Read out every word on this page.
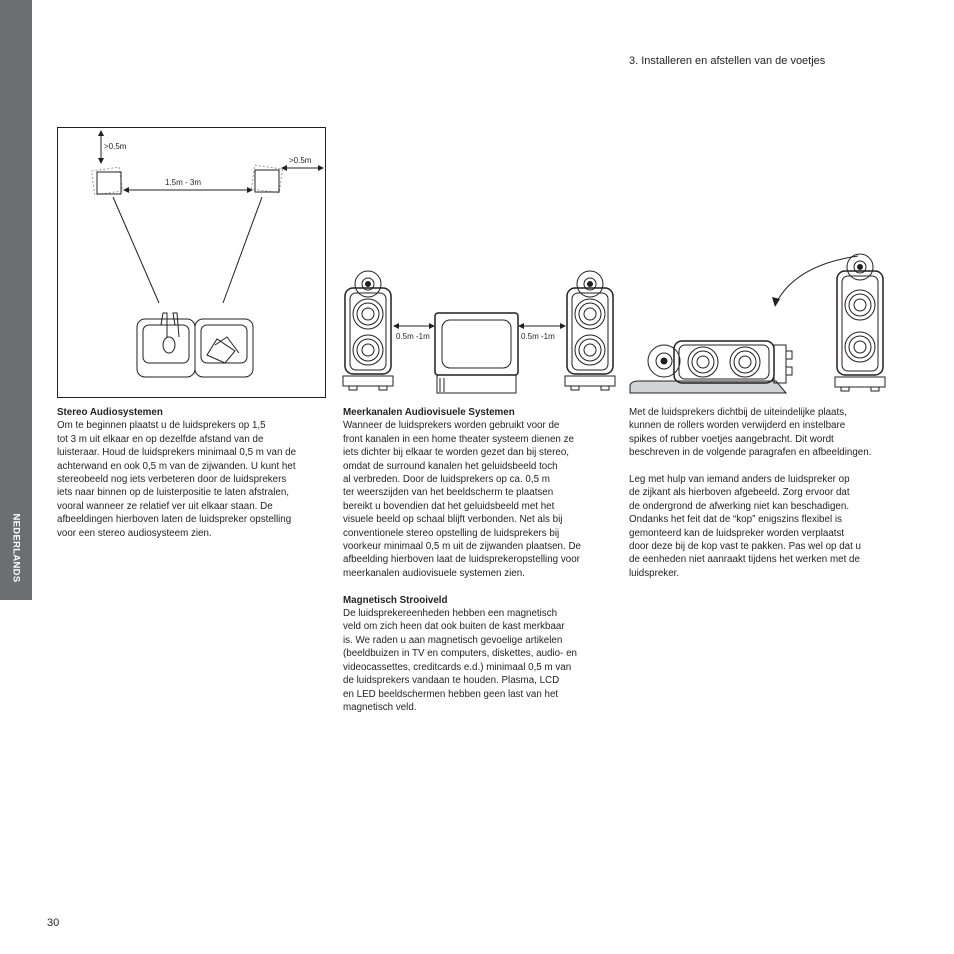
NEDERLANDS
3. Installeren en afstellen van de voetjes
>0.5m
1.5m - 3m
>0.5m
0.5m -1m	0.5m -1m
Stereo Audiosystemen

Om te beginnen plaatst u de luidsprekers op 1,5

tot 3 m uit elkaar en op dezelfde afstand van de

luisteraar. Houd de luidsprekers minimaal 0,5 m van de

achterwand en ook 0,5 m van de zijwanden. U kunt het

stereobeeld nog iets verbeteren door de luidsprekers

iets naar binnen op de luisterpositie te laten afstralen,

vooral wanneer ze relatief ver uit elkaar staan. De

afbeeldingen hierboven laten de luidspreker opstelling

voor een stereo audiosysteem zien.

Meerkanalen Audiovisuele Systemen

Wanneer de luidsprekers worden gebruikt voor de

front kanalen in een home theater systeem dienen ze

iets dichter bij elkaar te worden gezet dan bij stereo,

omdat de surround kanalen het geluidsbeeld toch

al verbreden. Door de luidsprekers op ca. 0,5 m

ter weerszijden van het beeldscherm te plaatsen

bereikt u bovendien dat het geluidsbeeld met het

visuele beeld op schaal blijft verbonden. Net als bij

conventionele stereo opstelling de luidsprekers bij

voorkeur minimaal 0,5 m uit de zijwanden plaatsen. De

afbeelding hierboven laat de luidsprekeropstelling voor

meerkanalen audiovisuele systemen zien.

Magnetisch Strooiveld

De luidsprekereenheden hebben een magnetisch

veld om zich heen dat ook buiten de kast merkbaar

is. We raden u aan magnetisch gevoelige artikelen

(beeldbuizen in TV en computers, diskettes, audio- en

videocassettes, creditcards e.d.) minimaal 0,5 m van

de luidsprekers vandaan te houden. Plasma, LCD

en LED beeldschermen hebben geen last van het

magnetisch veld.

Met de luidsprekers dichtbij de uiteindelijke plaats,

kunnen de rollers worden verwijderd en instelbare

spikes of rubber voetjes aangebracht. Dit wordt

beschreven in de volgende paragrafen en afbeeldingen.

Leg met hulp van iemand anders de luidspreker op

de zijkant als hierboven afgebeeld. Zorg ervoor dat

de ondergrond de afwerking niet kan beschadigen.

Ondanks het feit dat de “kop” enigszins flexibel is

gemonteerd kan de luidspreker worden verplaatst

door deze bij de kop vast te pakken. Pas wel op dat u

de eenheden niet aanraakt tijdens het werken met de

luidspreker.

30
